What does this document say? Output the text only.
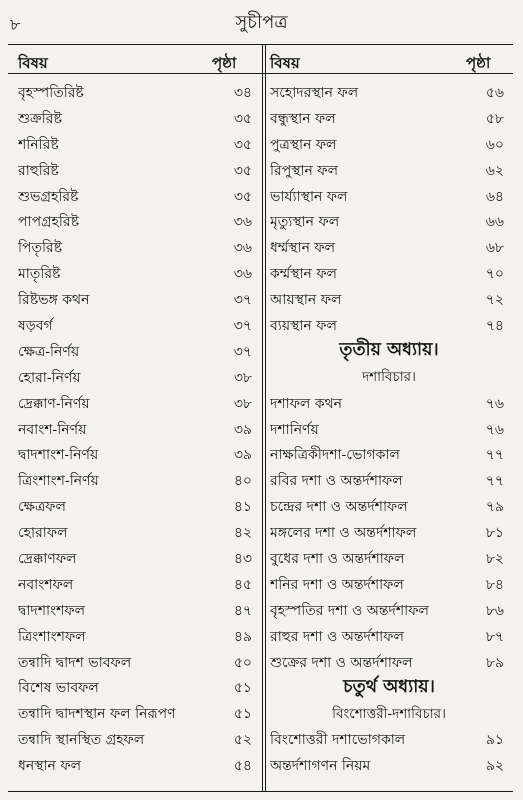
৮	সুচীপত্র
বিষয়	পৃষ্ঠা বিষয়	পৃষ্ঠা
বৃহস্পতিরিষ্ট	৩৪
শুক্ররিষ্ট	৩৫
শনিরিষ্ট	৩৫
রাহুরিষ্ট	৩৫
শুভগ্রহরিষ্ট	৩৫
পাপগ্রহরিষ্ট	৩৬
পিতৃরিষ্ট	৩৬
মাতৃরিষ্ট	৩৬
রিষ্টভঙ্গ কথন	৩৭
ষড়বর্গ	৩৭
ক্ষেত্র-নির্ণয়	৩৭
হোরা-নির্ণয়	৩৮
দ্রেক্কাণ-নির্ণয়	৩৮
নবাংশ-নির্ণয়	৩৯
দ্বাদশাংশ-নির্ণয়	৩৯
ত্রিংশাংশ-নির্ণয়	৪০
ক্ষেত্রফল	৪১
হোরাফল	৪২
দ্রেক্কাণফল	৪৩
নবাংশফল	৪৫
দ্বাদশাংশফল	৪৭
ত্রিংশাংশফল	৪৯
তন্বাদি দ্বাদশ ভাবফল	৫০
বিশেষ ভাবফল	৫১
তন্বাদি দ্বাদশস্থান ফল নিরূপণ	৫১
তন্বাদি স্থানস্থিত গ্রহফল	৫২
ধনস্থান ফল	৫৪
সহোদরস্থান ফল	৫৬
বন্ধুস্থান ফল	৫৮
পুত্রস্থান ফল	৬০
রিপুস্থান ফল	৬২
ভার্য্যাস্থান ফল	৬৪
মৃত্যুস্থান ফল	৬৬
ধর্ম্মস্থান ফল	৬৮
কর্ম্মস্থান ফল	৭০
আয়স্থান ফল	৭২
ব্যয়স্থান ফল	৭৪
তৃতীয় অধ্যায়।
দশাবিচার।
দশাফল কথন	৭৬
দশানির্ণয়	৭৬
নাক্ষত্রিকীদশা-ভোগকাল	৭৭
রবির দশা ও অন্তর্দশাফল	৭৭
চন্দ্রের দশা ও অন্তর্দশাফল	৭৯
মঙ্গলের দশা ও অন্তর্দশাফল	৮১
বুধের দশা ও অন্তর্দশাফল	৮২
শনির দশা ও অন্তর্দশাফল	৮৪
বৃহস্পতির দশা ও অন্তর্দশাফল	৮৬
রাহুর দশা ও অন্তর্দশাফল	৮৭
শুক্রের দশা ও অন্তর্দশাফল	৮৯
চতুর্থ অধ্যায়।
বিংশোত্তরী-দশাবিচার।
বিংশোত্তরী দশাভোগকাল	৯১
অন্তর্দশাগণন নিয়ম	৯২
